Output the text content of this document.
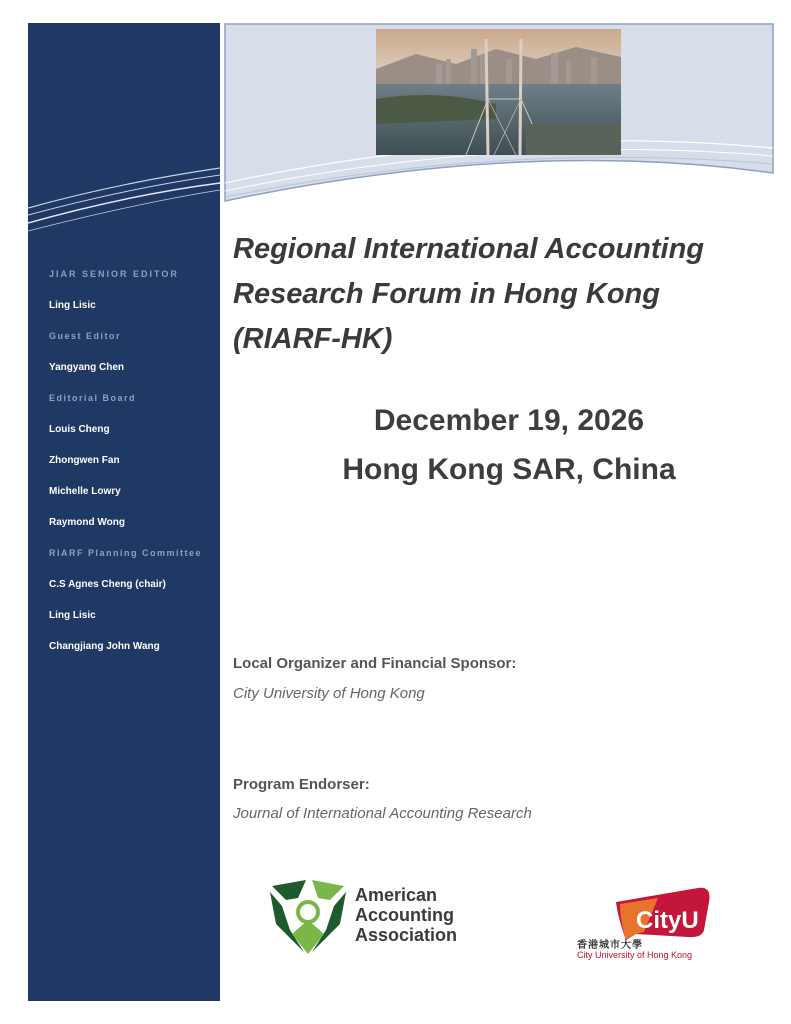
JIAR SENIOR EDITOR

Ling Lisic

Guest Editor

Yangyang Chen

Editorial Board

Louis Cheng

Zhongwen Fan

Michelle Lowry

Raymond Wong

RIARF Planning Committee

C.S Agnes Cheng (chair)

Ling Lisic

Changjiang John Wang

Regional International Accounting
Research Forum in Hong Kong
(RIARF-HK)

December 19, 2026

Hong Kong SAR, China

Local Organizer and Financial Sponsor:

City University of Hong Kong

Program Endorser:

Journal of International Accounting Research

American
Accounting
Association
CityU
香港城市大學
City University of Hong Kong
